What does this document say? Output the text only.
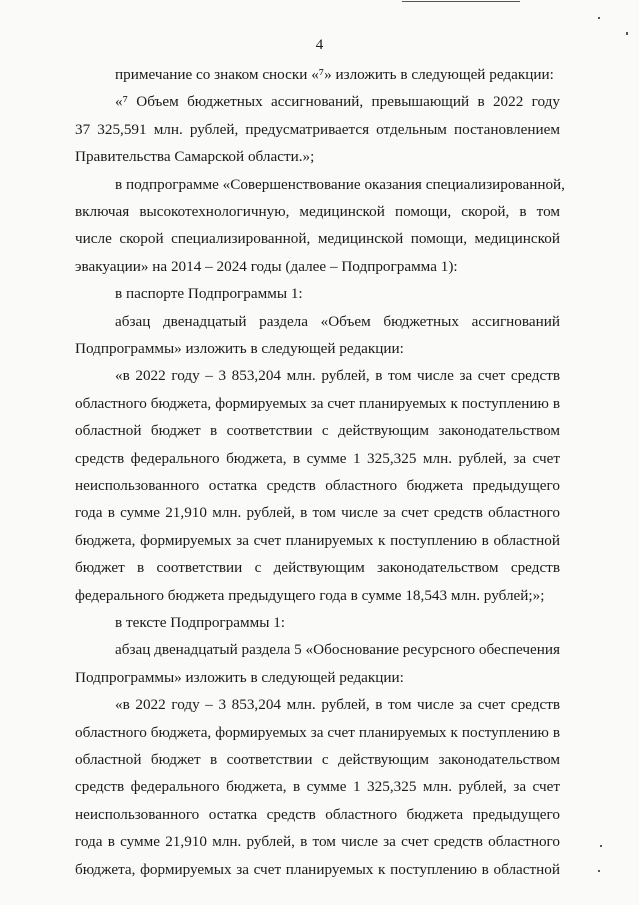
4
примечание со знаком сноски «⁷» изложить в следующей редакции:
«⁷ Объем бюджетных ассигнований, превышающий в 2022 году
37 325,591 млн. рублей, предусматривается отдельным постановлением
Правительства Самарской области.»;
в подпрограмме «Совершенствование оказания специализированной,
включая высокотехнологичную, медицинской помощи, скорой, в том
числе скорой специализированной, медицинской помощи, медицинской
эвакуации» на 2014 – 2024 годы (далее – Подпрограмма 1):
в паспорте Подпрограммы 1:
абзац двенадцатый раздела «Объем бюджетных ассигнований
Подпрограммы» изложить в следующей редакции:
«в 2022 году – 3 853,204 млн. рублей, в том числе за счет средств
областного бюджета, формируемых за счет планируемых к поступлению в
областной бюджет в соответствии с действующим законодательством
средств федерального бюджета, в сумме 1 325,325 млн. рублей, за счет
неиспользованного остатка средств областного бюджета предыдущего
года в сумме 21,910 млн. рублей, в том числе за счет средств областного
бюджета, формируемых за счет планируемых к поступлению в областной
бюджет в соответствии с действующим законодательством средств
федерального бюджета предыдущего года в сумме 18,543 млн. рублей;»;
в тексте Подпрограммы 1:
абзац двенадцатый раздела 5 «Обоснование ресурсного обеспечения
Подпрограммы» изложить в следующей редакции:
«в 2022 году – 3 853,204 млн. рублей, в том числе за счет средств
областного бюджета, формируемых за счет планируемых к поступлению в
областной бюджет в соответствии с действующим законодательством
средств федерального бюджета, в сумме 1 325,325 млн. рублей, за счет
неиспользованного остатка средств областного бюджета предыдущего
года в сумме 21,910 млн. рублей, в том числе за счет средств областного
бюджета, формируемых за счет планируемых к поступлению в областной
